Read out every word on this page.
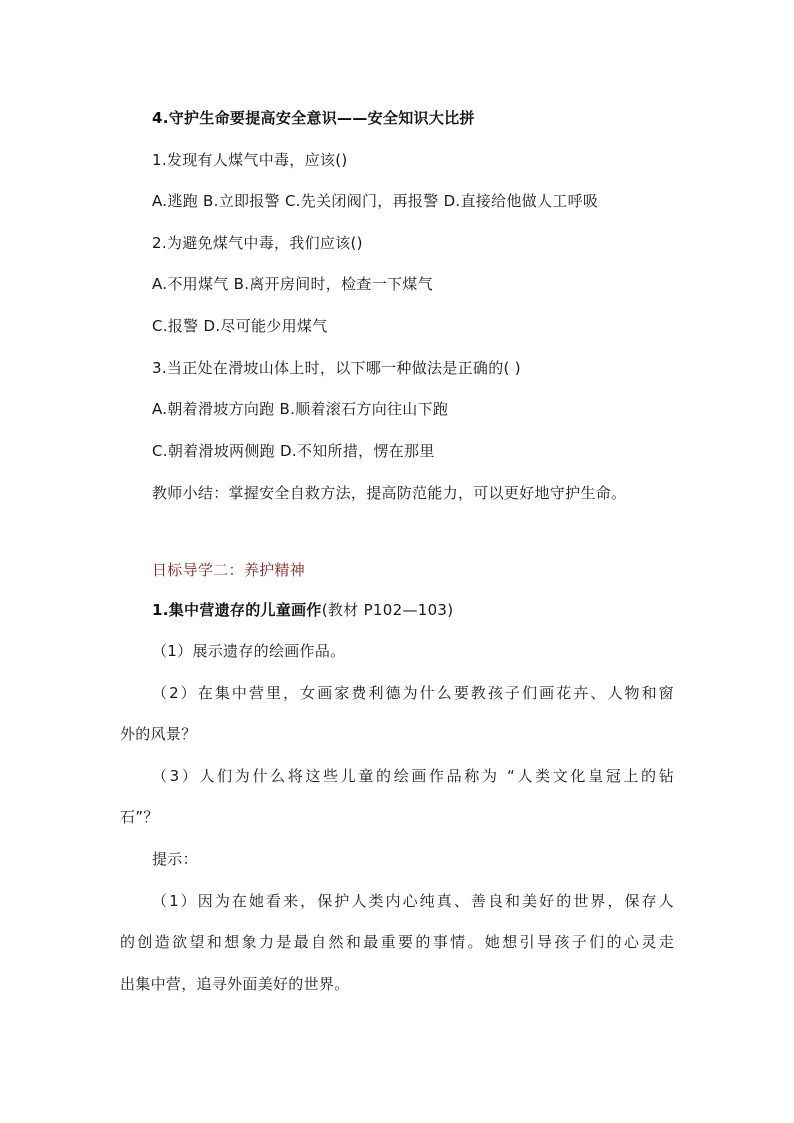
4.守护生命要提高安全意识——安全知识大比拼
1.发现有人煤气中毒，应该()
A.逃跑 B.立即报警 C.先关闭阀门，再报警 D.直接给他做人工呼吸
2.为避免煤气中毒，我们应该()
A.不用煤气 B.离开房间时，检查一下煤气
C.报警 D.尽可能少用煤气
3.当正处在滑坡山体上时，以下哪一种做法是正确的( )
A.朝着滑坡方向跑 B.顺着滚石方向往山下跑
C.朝着滑坡两侧跑 D.不知所措，愣在那里
教师小结：掌握安全自救方法，提高防范能力，可以更好地守护生命。
日标导学二：养护精神
1.集中营遗存的儿童画作(教材 P102—103)
（1）展示遗存的绘画作品。
（2）在集中营里，女画家费利德为什么要教孩子们画花卉、人物和窗
外的风景？
（3）人们为什么将这些儿童的绘画作品称为 “人类文化皇冠上的钻
石”？
提示：
（1）因为在她看来，保护人类内心纯真、善良和美好的世界，保存人
的创造欲望和想象力是最自然和最重要的事情。她想引导孩子们的心灵走
出集中营，追寻外面美好的世界。
